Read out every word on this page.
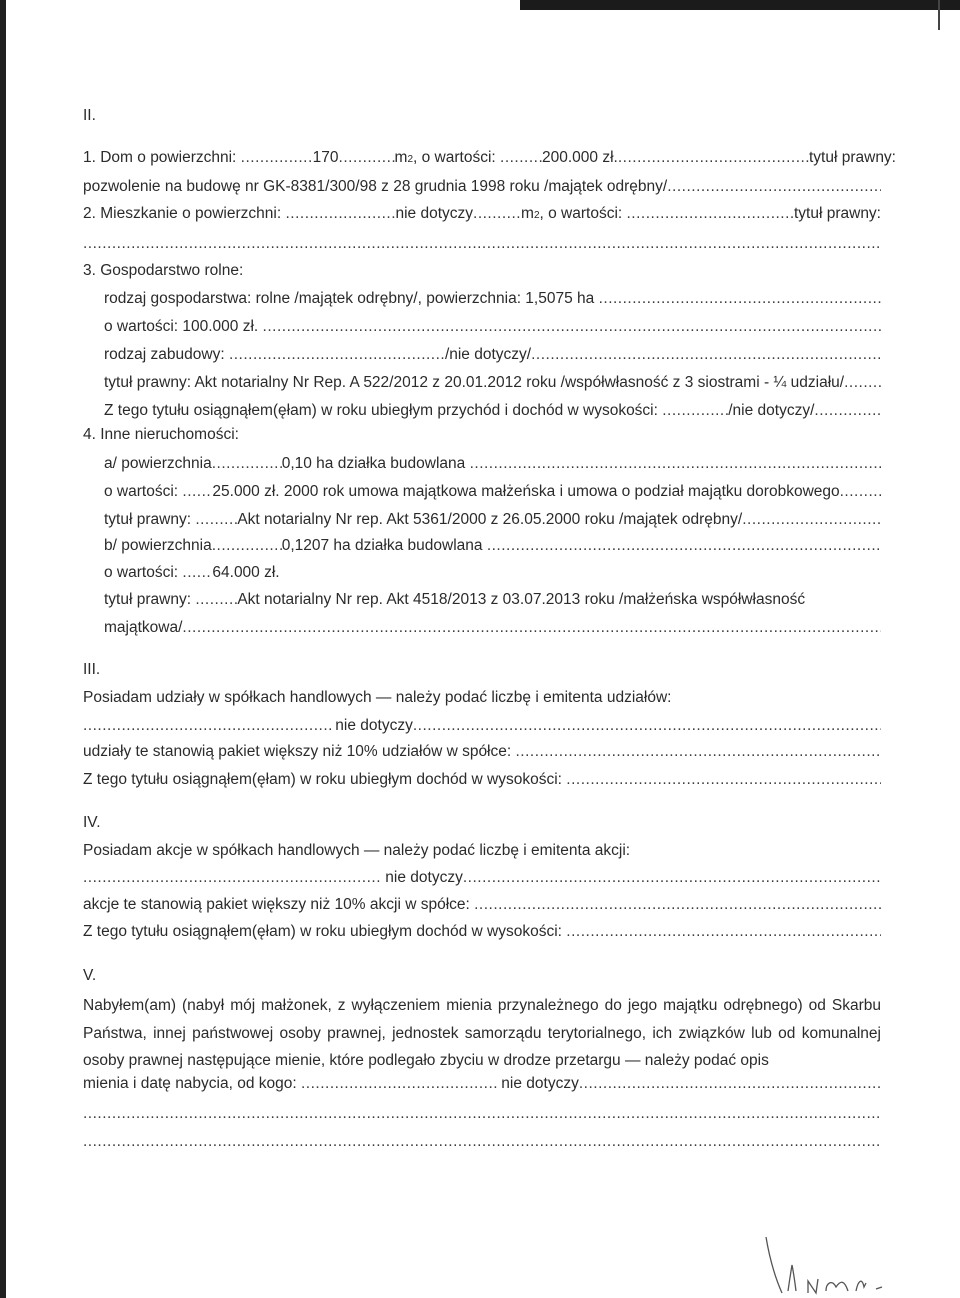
II.
1. Dom o powierzchni: .....	170 .....	m 2 , o wartości: .....	200.000 zł. .....	tytuł prawny:
pozwolenie na budowę nr GK-8381/300/98 z 28 grudnia 1998 roku /majątek odrębny/
.....
2. Mieszkanie o powierzchni: .....	nie dotyczy .....	m 2 , o wartości: .....	tytuł prawny:
.....
3. Gospodarstwo rolne:
rodzaj gospodarstwa: rolne /majątek odrębny/, powierzchnia: 1,5075 ha
.....
o wartości: 100.000 zł.
.....
rodzaj zabudowy: .....	/nie dotyczy/
.....
tytuł prawny: Akt notarialny Nr Rep. A 522/2012 z 20.01.2012 roku /współwłasność z 3 siostrami - ¼ udziału/
.....
Z tego tytułu osiągnąłem(ęłam) w roku ubiegłym przychód i dochód w wysokości: .....	/nie dotyczy/
.....
4. Inne nieruchomości:
a/ powierzchnia .....	0,10 ha działka budowlana
.....
o wartości: ..... 25.000 zł. 2000 rok umowa majątkowa małżeńska i umowa o podział majątku dorobkowego
.....
tytuł prawny: .....	Akt notarialny Nr rep. Akt 5361/2000 z 26.05.2000 roku /majątek odrębny/
.....
b/ powierzchnia .....	0,1207 ha działka budowlana
.....
o wartości: ..... 64.000 zł.
tytuł prawny: .....	Akt notarialny Nr rep. Akt 4518/2013 z 03.07.2013 roku /małżeńska współwłasność
majątkowa/
.....
III.
Posiadam udziały w spółkach handlowych — należy podać liczbę i emitenta udziałów:
.....
nie dotyczy
.....
udziały te stanowią pakiet większy niż 10% udziałów w spółce:
.....
Z tego tytułu osiągnąłem(ęłam) w roku ubiegłym dochód w wysokości:
.....
IV.
Posiadam akcje w spółkach handlowych — należy podać liczbę i emitenta akcji:
.....
nie dotyczy
.....
akcje te stanowią pakiet większy niż 10% akcji w spółce:
.....
Z tego tytułu osiągnąłem(ęłam) w roku ubiegłym dochód w wysokości:
.....
V.
Nabyłem(am) (nabył mój małżonek, z wyłączeniem mienia przynależnego do jego majątku odrębnego) od Skarbu Państwa, innej państwowej osoby prawnej, jednostek samorządu terytorialnego, ich związków lub od komunalnej osoby prawnej następujące mienie, które podlegało zbyciu w drodze przetargu — należy podać opis
mienia i datę nabycia, od kogo: .....	nie dotyczy
.....
.....
.....
